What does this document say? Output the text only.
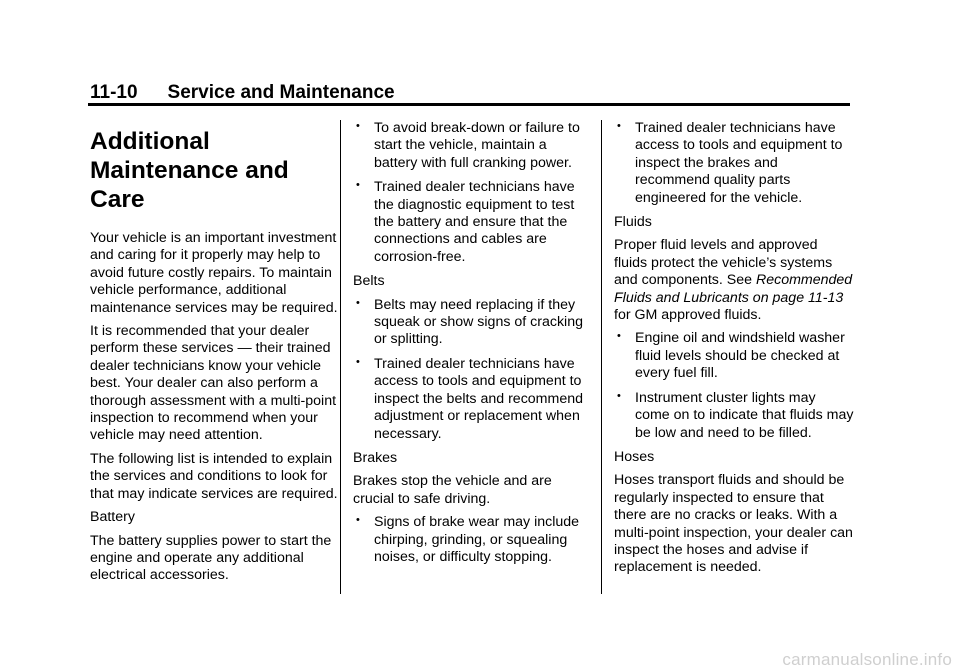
11-10 Service and Maintenance
Additional Maintenance and Care

Your vehicle is an important investment and caring for it properly may help to avoid future costly repairs. To maintain vehicle performance, additional maintenance services may be required.

It is recommended that your dealer perform these services — their trained dealer technicians know your vehicle best. Your dealer can also perform a thorough assessment with a multi-point inspection to recommend when your vehicle may need attention.

The following list is intended to explain the services and conditions to look for that may indicate services are required.

Battery

The battery supplies power to start the engine and operate any additional electrical accessories.

• To avoid break-down or failure to start the vehicle, maintain a battery with full cranking power.
• Trained dealer technicians have the diagnostic equipment to test the battery and ensure that the connections and cables are corrosion-free.
Belts
• Belts may need replacing if they squeak or show signs of cracking or splitting.
• Trained dealer technicians have access to tools and equipment to inspect the belts and recommend adjustment or replacement when necessary.
Brakes

Brakes stop the vehicle and are crucial to safe driving.

• Signs of brake wear may include chirping, grinding, or squealing noises, or difficulty stopping.
• Trained dealer technicians have access to tools and equipment to inspect the brakes and recommend quality parts engineered for the vehicle.
Fluids

Proper fluid levels and approved fluids protect the vehicle’s systems and components. See Recommended Fluids and Lubricants on page 11-13 for GM approved fluids.

• Engine oil and windshield washer fluid levels should be checked at every fuel fill.
• Instrument cluster lights may come on to indicate that fluids may be low and need to be filled.
Hoses

Hoses transport fluids and should be regularly inspected to ensure that there are no cracks or leaks. With a multi-point inspection, your dealer can inspect the hoses and advise if replacement is needed.

carmanualsonline.info
